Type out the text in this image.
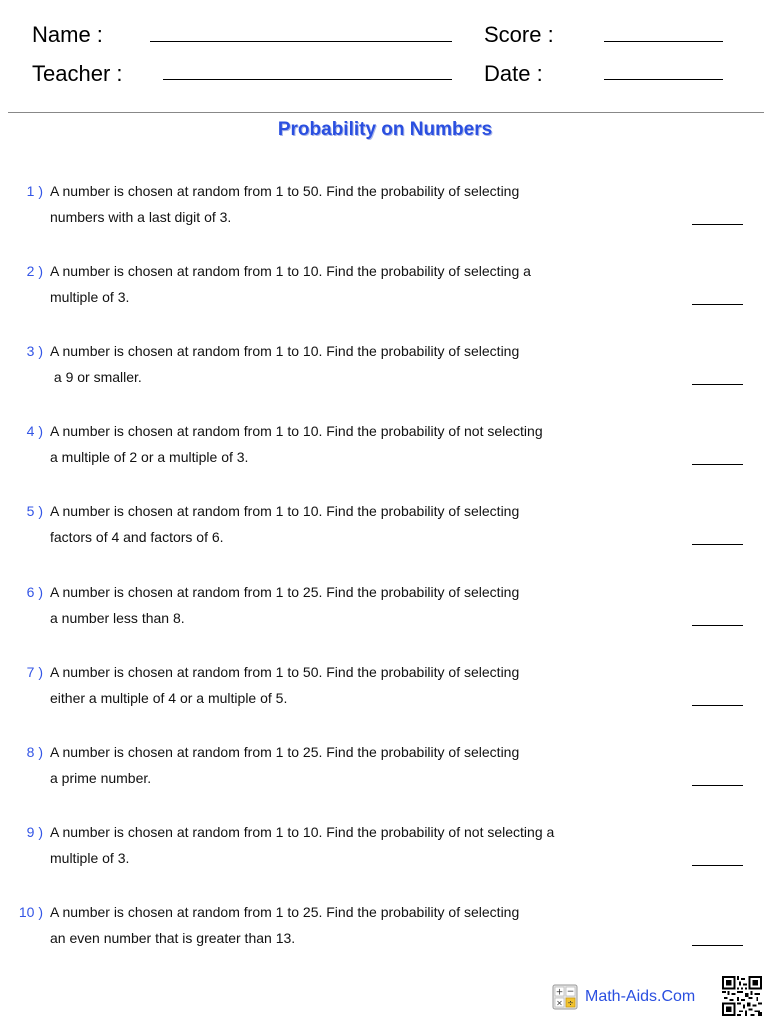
Name :	Score :
Teacher :	Date :
Probability on Numbers
1 ) A number is chosen at random from 1 to 50. Find the probability of selecting
numbers with a last digit of 3.
2 ) A number is chosen at random from 1 to 10. Find the probability of selecting a
multiple of 3.
3 ) A number is chosen at random from 1 to 10. Find the probability of selecting
a 9 or smaller.
4 ) A number is chosen at random from 1 to 10. Find the probability of not selecting
a multiple of 2 or a multiple of 3.
5 ) A number is chosen at random from 1 to 10. Find the probability of selecting
factors of 4 and factors of 6.
6 ) A number is chosen at random from 1 to 25. Find the probability of selecting
a number less than 8.
7 ) A number is chosen at random from 1 to 50. Find the probability of selecting
either a multiple of 4 or a multiple of 5.
8 ) A number is chosen at random from 1 to 25. Find the probability of selecting
a prime number.
9 ) A number is chosen at random from 1 to 10. Find the probability of not selecting a
multiple of 3.
10 ) A number is chosen at random from 1 to 25. Find the probability of selecting
an even number that is greater than 13.
+ −
× ÷ Math-Aids.Com
